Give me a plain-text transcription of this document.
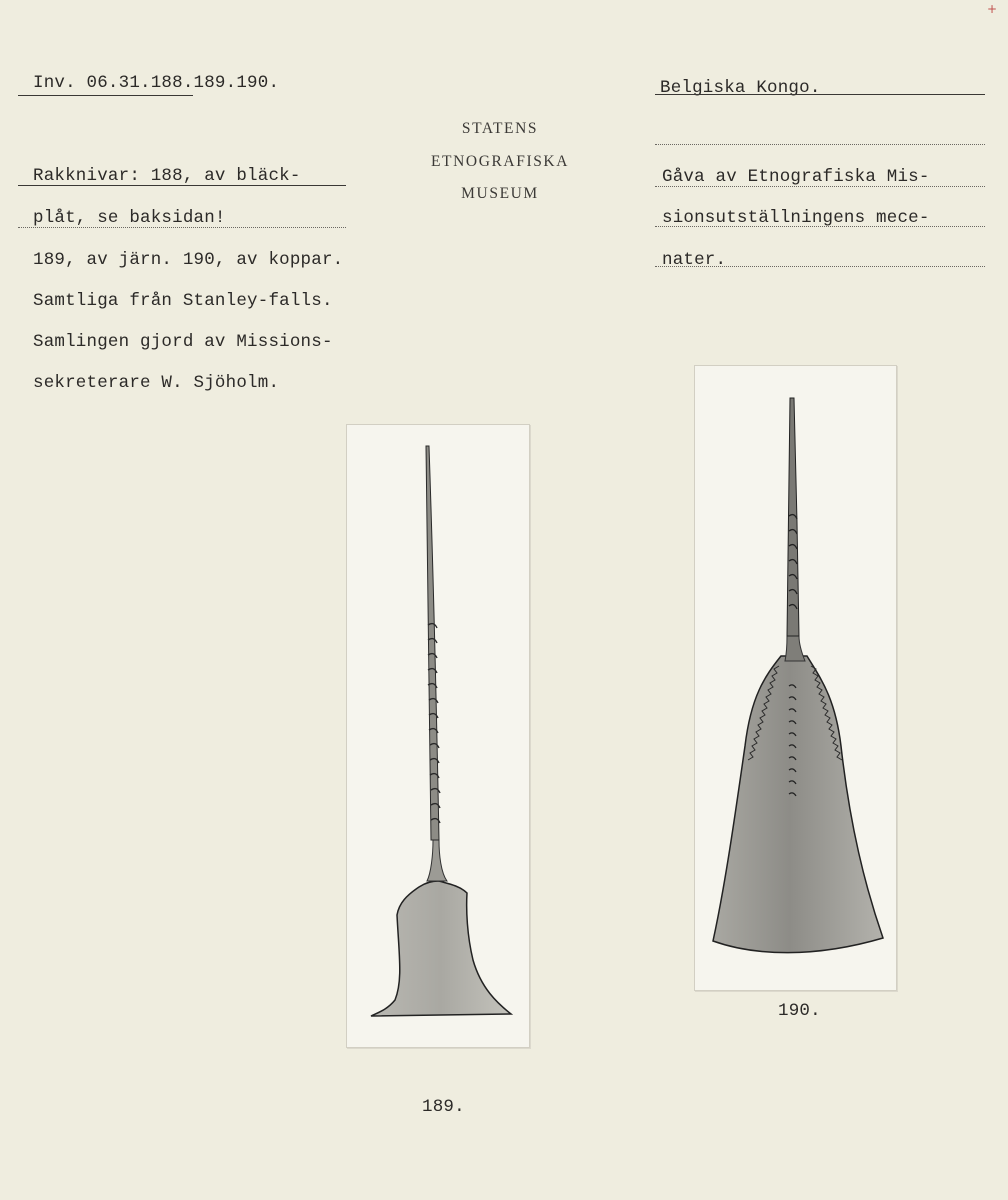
+
Inv. 06.31.188.189.190.	Belgiska Kongo.
STATENS
ETNOGRAFISKA
MUSEUM
Rakknivar: 188, av bläck-
plåt, se baksidan!
189, av järn. 190, av koppar.
Samtliga från Stanley-falls.
Samlingen gjord av Missions-
sekreterare W. Sjöholm.
Gåva av Etnografiska Mis-
sionsutställningens mece-
nater.
189.
190.
